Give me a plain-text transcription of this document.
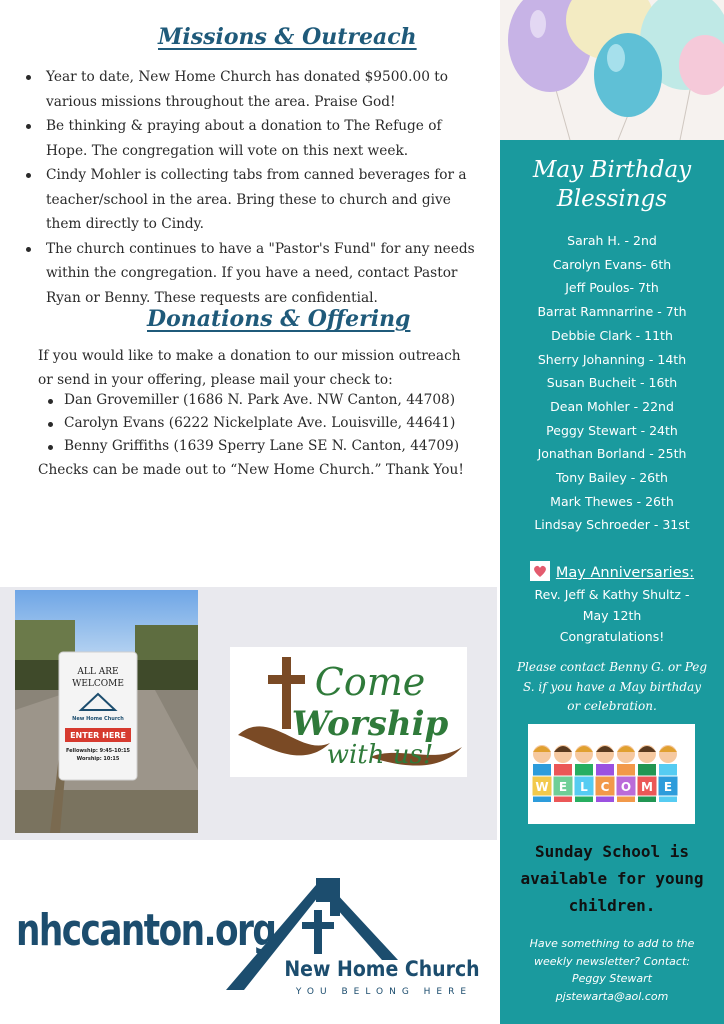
Missions & Outreach
Year to date, New Home Church has donated $9500.00 to various missions throughout the area. Praise God!
Be thinking & praying about a donation to The Refuge of Hope. The congregation will vote on this next week.
Cindy Mohler is collecting tabs from canned beverages for a teacher/school in the area. Bring these to church and give them directly to Cindy.
The church continues to have a "Pastor's Fund" for any needs within the congregation. If you have a need, contact Pastor Ryan or Benny. These requests are confidential.
Donations & Offering

If you would like to make a donation to our mission outreach or send in your offering, please mail your check to:

Dan Grovemiller (1686 N. Park Ave. NW Canton, 44708)
Carolyn Evans (6222 Nickelplate Ave. Louisville, 44641)
Benny Griffiths (1639 Sperry Lane SE N. Canton, 44709)

Checks can be made out to “New Home Church.” Thank You!

ALL ARE
WELCOME
New Home Church
ENTER HERE
Fellowship: 9:45-10:15
Worship: 10:15
Come
Worship
with us!
nhccanton.org
New Home Church
YOU BELONG HERE
May Birthday
Blessings
Sarah H. - 2nd
Carolyn Evans- 6th
Jeff Poulos- 7th
Barrat Ramnarrine - 7th
Debbie Clark - 11th
Sherry Johanning - 14th
Susan Bucheit - 16th
Dean Mohler - 22nd
Peggy Stewart - 24th
Jonathan Borland - 25th
Tony Bailey - 26th
Mark Thewes - 26th
Lindsay Schroeder - 31st
May Anniversaries:
Rev. Jeff & Kathy Shultz -
May 12th
Congratulations!
Please contact Benny G. or Peg S. if you have a May birthday or celebration.
W E L C O M E
Sunday School is
available for young
children.
Have something to add to the
weekly newsletter? Contact:
Peggy Stewart
pjstewarta@aol.com
